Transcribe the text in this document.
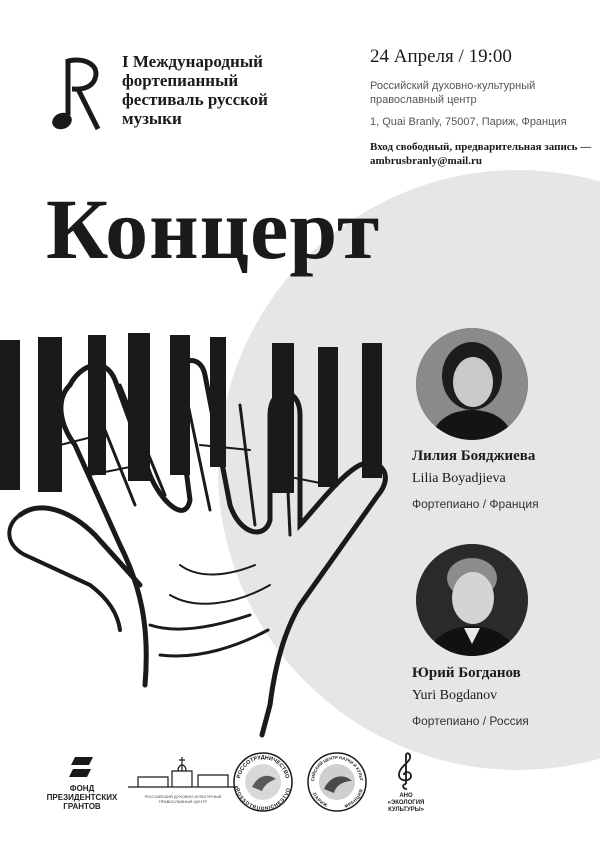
I Международный
фортепианный
фестиваль русской
музыки
24 Апреля / 19:00
Российский духовно-культурный
православный центр
1, Quai Branly, 75007, Париж, Франция
Вход свободный, предварительная запись —
ambrusbranly@mail.ru
Концерт
Лилия Бояджиева
Lilia Boyadjieva
Фортепиано / Франция
Юрий Богданов
Yuri Bogdanov
Фортепиано / Россия
ФОНД
ПРЕЗИДЕНТСКИХ
ГРАНТОВ
РОССИЙСКИЙ ДУХОВНО-КУЛЬТУРНЫЙ ПРАВОСЛАВНЫЙ ЦЕНТР
РОССОТРУДНИЧЕСТВО
ROSSOTRUDNICHESTVO
СИЙСКИЙ ЦЕНТР НАУКИ И КУЛЬТ
ПАРИЖ	ФРАНЦИЯ
АНО
«ЭКОЛОГИЯ КУЛЬТУРЫ»
